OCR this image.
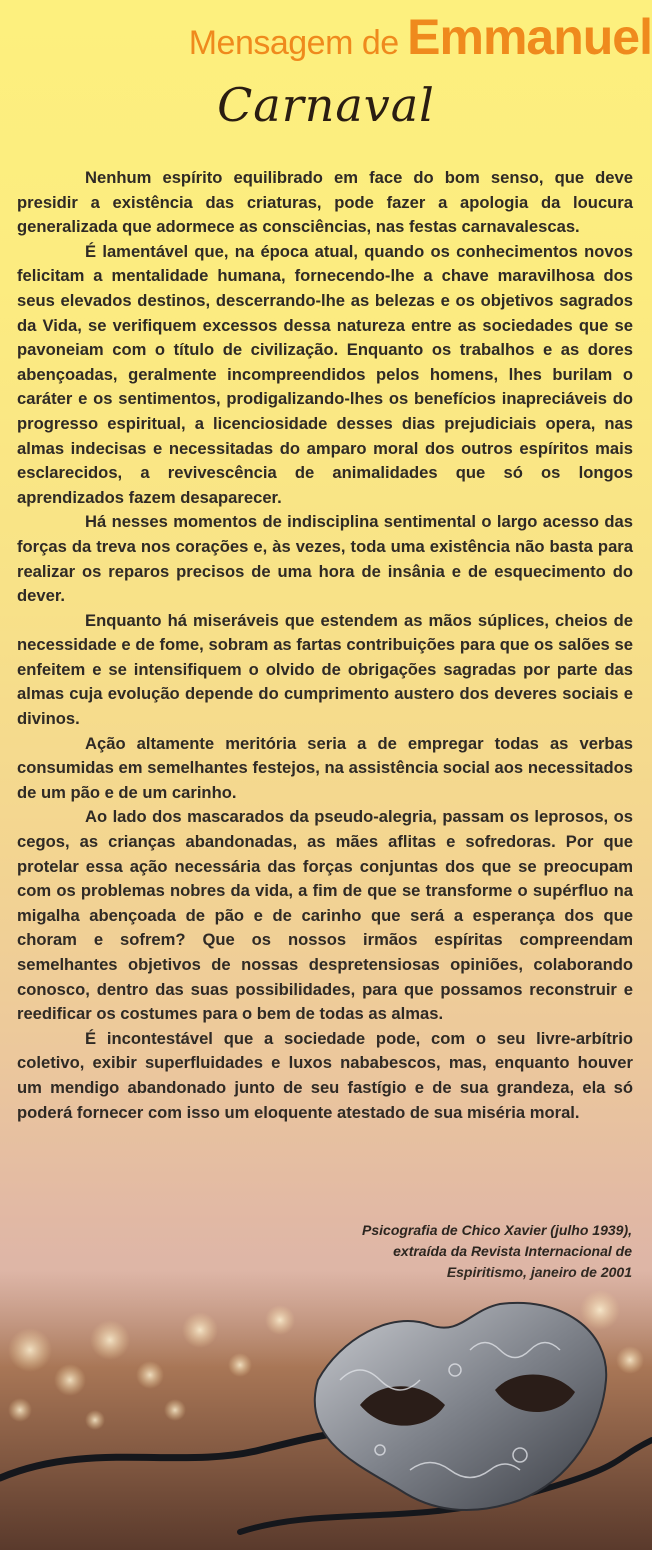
Mensagem de Emmanuel
Carnaval

Nenhum espírito equilibrado em face do bom senso, que deve presidir a existência das criaturas, pode fazer a apologia da loucura generalizada que adormece as consciências, nas festas carnavalescas.

É lamentável que, na época atual, quando os conhecimentos novos felicitam a mentalidade humana, fornecendo-lhe a chave maravilhosa dos seus elevados destinos, descerrando-lhe as belezas e os objetivos sagrados da Vida, se verifiquem excessos dessa natureza entre as sociedades que se pavoneiam com o título de civilização. Enquanto os trabalhos e as dores abençoadas, geralmente incompreendidos pelos homens, lhes burilam o caráter e os sentimentos, prodigalizando-lhes os benefícios inapreciáveis do progresso espiritual, a licenciosidade desses dias prejudiciais opera, nas almas indecisas e necessitadas do amparo moral dos outros espíritos mais esclarecidos, a revivescência de animalidades que só os longos aprendizados fazem desaparecer.

Há nesses momentos de indisciplina sentimental o largo acesso das forças da treva nos corações e, às vezes, toda uma existência não basta para realizar os reparos precisos de uma hora de insânia e de esquecimento do dever.

Enquanto há miseráveis que estendem as mãos súplices, cheios de necessidade e de fome, sobram as fartas contribuições para que os salões se enfeitem e se intensifiquem o olvido de obrigações sagradas por parte das almas cuja evolução depende do cumprimento austero dos deveres sociais e divinos.

Ação altamente meritória seria a de empregar todas as verbas consumidas em semelhantes festejos, na assistência social aos necessitados de um pão e de um carinho.

Ao lado dos mascarados da pseudo-alegria, passam os leprosos, os cegos, as crianças abandonadas, as mães aflitas e sofredoras. Por que protelar essa ação necessária das forças conjuntas dos que se preocupam com os problemas nobres da vida, a fim de que se transforme o supérfluo na migalha abençoada de pão e de carinho que será a esperança dos que choram e sofrem? Que os nossos irmãos espíritas compreendam semelhantes objetivos de nossas despretensiosas opiniões, colaborando conosco, dentro das suas possibilidades, para que possamos reconstruir e reedificar os costumes para o bem de todas as almas.

É incontestável que a sociedade pode, com o seu livre-arbítrio coletivo, exibir superfluidades e luxos nababescos, mas, enquanto houver um mendigo abandonado junto de seu fastígio e de sua grandeza, ela só poderá fornecer com isso um eloquente atestado de sua miséria moral.

Psicografia de Chico Xavier (julho 1939),
extraída da Revista Internacional de
